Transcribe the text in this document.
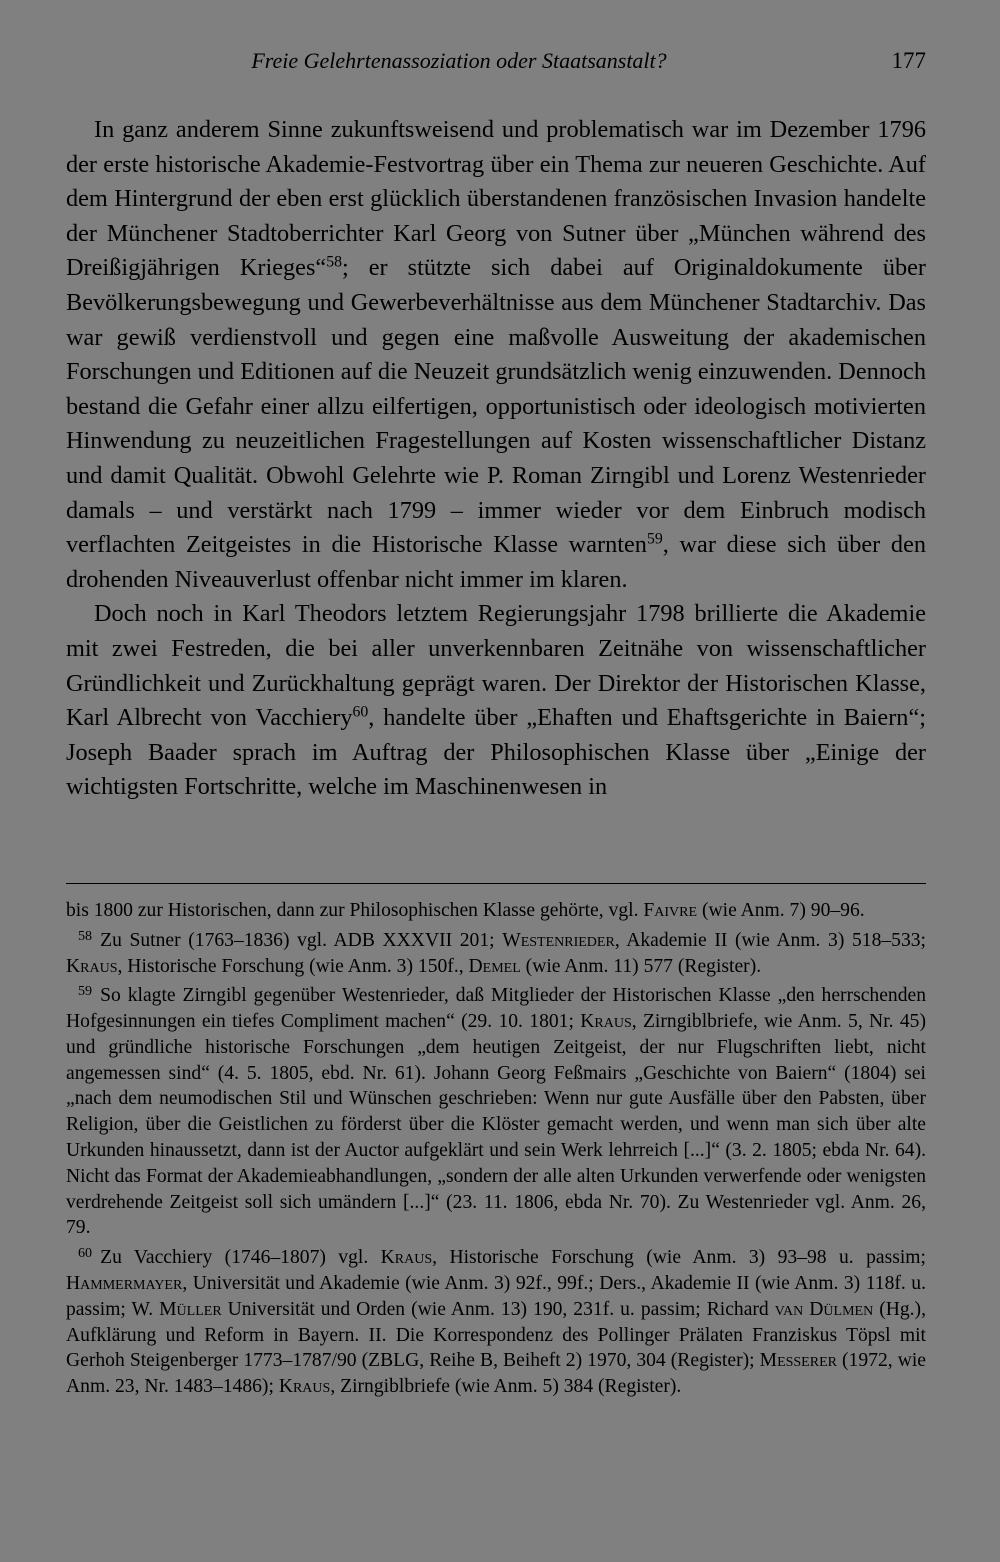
Freie Gelehrtenassoziation oder Staatsanstalt?	177

In ganz anderem Sinne zukunftsweisend und problematisch war im Dezember 1796 der erste historische Akademie-Festvortrag über ein Thema zur neueren Geschichte. Auf dem Hintergrund der eben erst glücklich überstandenen französischen Invasion handelte der Münchener Stadtoberrichter Karl Georg von Sutner über „München während des Dreißigjährigen Krieges“$^{58}$; er stützte sich dabei auf Originaldokumente über Bevölkerungsbewegung und Gewerbeverhältnisse aus dem Münchener Stadtarchiv. Das war gewiß verdienstvoll und gegen eine maßvolle Ausweitung der akademischen Forschungen und Editionen auf die Neuzeit grundsätzlich wenig einzuwenden. Dennoch bestand die Gefahr einer allzu eilfertigen, opportunistisch oder ideologisch motivierten Hinwendung zu neuzeitlichen Fragestellungen auf Kosten wissenschaftlicher Distanz und damit Qualität. Obwohl Gelehrte wie P. Roman Zirngibl und Lorenz Westenrieder damals – und verstärkt nach 1799 – immer wieder vor dem Einbruch modisch verflachten Zeitgeistes in die Historische Klasse warnten$^{59}$, war diese sich über den drohenden Niveauverlust offenbar nicht immer im klaren.

Doch noch in Karl Theodors letztem Regierungsjahr 1798 brillierte die Akademie mit zwei Festreden, die bei aller unverkennbaren Zeitnähe von wissenschaftlicher Gründlichkeit und Zurückhaltung geprägt waren. Der Direktor der Historischen Klasse, Karl Albrecht von Vacchiery$^{60}$, handelte über „Ehaften und Ehaftsgerichte in Baiern“; Joseph Baader sprach im Auftrag der Philosophischen Klasse über „Einige der wichtigsten Fortschritte, welche im Maschinenwesen in

bis 1800 zur Historischen, dann zur Philosophischen Klasse gehörte, vgl. Faivre (wie Anm. 7) 90–96.

$^{58}$ Zu Sutner (1763–1836) vgl. ADB XXXVII 201; Westenrieder, Akademie II (wie Anm. 3) 518–533; Kraus, Historische Forschung (wie Anm. 3) 150f., Demel (wie Anm. 11) 577 (Register).

$^{59}$ So klagte Zirngibl gegenüber Westenrieder, daß Mitglieder der Historischen Klasse „den herrschenden Hofgesinnungen ein tiefes Compliment machen“ (29. 10. 1801; Kraus, Zirngiblbriefe, wie Anm. 5, Nr. 45) und gründliche historische Forschungen „dem heutigen Zeitgeist, der nur Flugschriften liebt, nicht angemessen sind“ (4. 5. 1805, ebd. Nr. 61). Johann Georg Feßmairs „Geschichte von Baiern“ (1804) sei „nach dem neumodischen Stil und Wünschen geschrieben: Wenn nur gute Ausfälle über den Pabsten, über Religion, über die Geistlichen zu förderst über die Klöster gemacht werden, und wenn man sich über alte Urkunden hinaussetzt, dann ist der Auctor aufgeklärt und sein Werk lehrreich [...]“ (3. 2. 1805; ebda Nr. 64). Nicht das Format der Akademieabhandlungen, „sondern der alle alten Urkunden verwerfende oder wenigsten verdrehende Zeitgeist soll sich umändern [...]“ (23. 11. 1806, ebda Nr. 70). Zu Westenrieder vgl. Anm. 26, 79.

$^{60}$ Zu Vacchiery (1746–1807) vgl. Kraus, Historische Forschung (wie Anm. 3) 93–98 u. passim; Hammermayer, Universität und Akademie (wie Anm. 3) 92f., 99f.; Ders., Akademie II (wie Anm. 3) 118f. u. passim; W. Müller Universität und Orden (wie Anm. 13) 190, 231f. u. passim; Richard van Dülmen (Hg.), Aufklärung und Reform in Bayern. II. Die Korrespondenz des Pollinger Prälaten Franziskus Töpsl mit Gerhoh Steigenberger 1773–1787/90 (ZBLG, Reihe B, Beiheft 2) 1970, 304 (Register); Messerer (1972, wie Anm. 23, Nr. 1483–1486); Kraus, Zirngiblbriefe (wie Anm. 5) 384 (Register).
